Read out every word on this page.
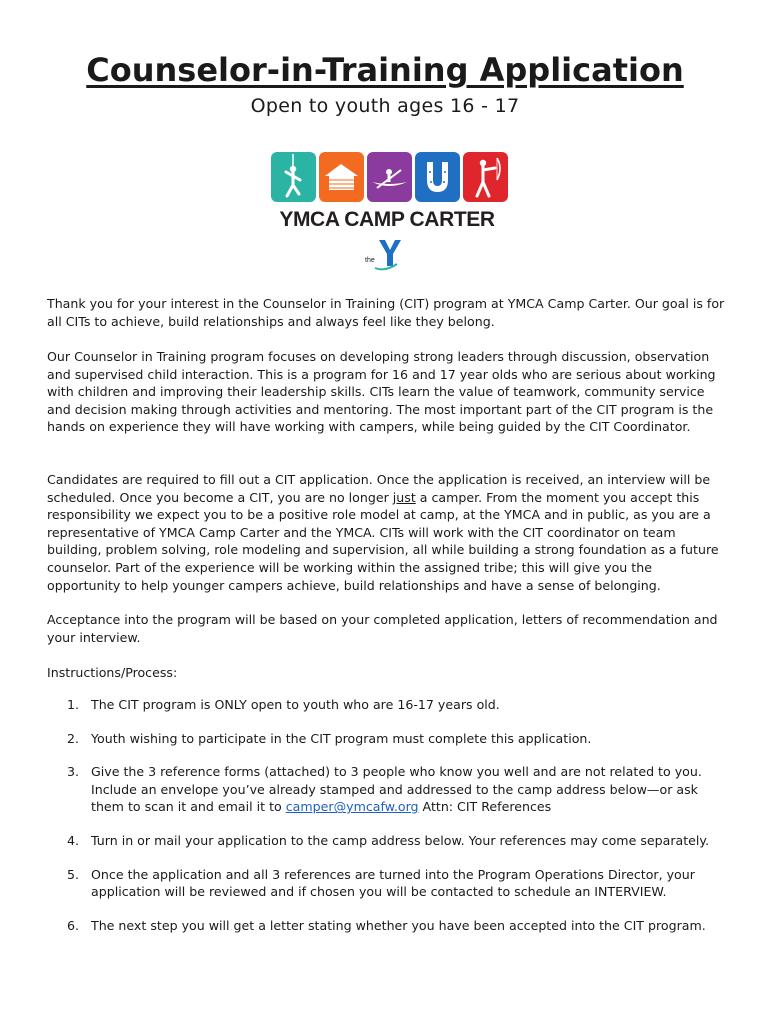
Counselor-in-Training Application

Open to youth ages 16 - 17

YMCA CAMP CARTER
the

Thank you for your interest in the Counselor in Training (CIT) program at YMCA Camp Carter. Our goal is for all CITs to achieve, build relationships and always feel like they belong.

Our Counselor in Training program focuses on developing strong leaders through discussion, observation and supervised child interaction. This is a program for 16 and 17 year olds who are serious about working with children and improving their leadership skills. CITs learn the value of teamwork, community service and decision making through activities and mentoring. The most important part of the CIT program is the hands on experience they will have working with campers, while being guided by the CIT Coordinator.

Candidates are required to fill out a CIT application. Once the application is received, an interview will be scheduled. Once you become a CIT, you are no longer just a camper. From the moment you accept this responsibility we expect you to be a positive role model at camp, at the YMCA and in public, as you are a representative of YMCA Camp Carter and the YMCA. CITs will work with the CIT coordinator on team building, problem solving, role modeling and supervision, all while building a strong foundation as a future counselor. Part of the experience will be working within the assigned tribe; this will give you the opportunity to help younger campers achieve, build relationships and have a sense of belonging.

Acceptance into the program will be based on your completed application, letters of recommendation and your interview.

Instructions/Process:

1. The CIT program is ONLY open to youth who are 16-17 years old.
2. Youth wishing to participate in the CIT program must complete this application.
3. Give the 3 reference forms (attached) to 3 people who know you well and are not related to you. Include an envelope you’ve already stamped and addressed to the camp address below—or ask them to scan it and email it to camper@ymcafw.org Attn: CIT References
4. Turn in or mail your application to the camp address below. Your references may come separately.
5. Once the application and all 3 references are turned into the Program Operations Director, your application will be reviewed and if chosen you will be contacted to schedule an INTERVIEW.
6. The next step you will get a letter stating whether you have been accepted into the CIT program.
